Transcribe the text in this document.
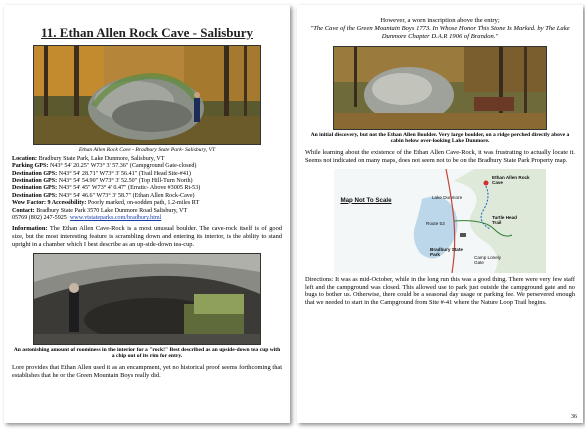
11. Ethan Allen Rock Cave - Salisbury
Ethan Allen Rock Cave - Bradbury State Park- Salisbury, VT
Location: Bradbury State Park, Lake Dunmore, Salisbury, VT
Parking GPS: N43° 54' 20.25" W73° 3' 57.36" (Campground Gate-closed)
Destination GPS: N43° 54' 28.71" W73° 3' 56.41" (Trail Head Site-#41)
Destination GPS: N43° 54' 54.90" W73° 3' 52.50" (Top Hill-Turn North)
Destination GPS: N43° 54' 45" W73° 4' 0.47" (Erratic- Above #3005 Rt-53)
Destination GPS: N43° 54' 46.6" W73° 3' 58.7" (Ethan Allen Rock-Cave)
Wow Factor: 9 Accessibility: Poorly marked, on-sodden path, 1.2-miles RT
Contact: Bradbury State Park 3570 Lake Dunmore Road Salisbury, VT
05769 (802) 247-5925 www.vtstateparks.com/bradbury.html
Information: The Ethan Allen Cave-Rock is a most unusual boulder. The cave-rock itself is of good size, but the most interesting feature is scrambling down and entering its interior, is the ability to stand upright in a chamber which I best describe as an up-side-down tea-cup.
An astonishing amount of roominess in the interior for a "rock!" Best described as an upside-down tea cup with a chip out of its rim for entry.
Lore provides that Ethan Allen used it as an encampment, yet no historical proof seems forthcoming that establishes that he or the Green Mountain Boys really did.
However, a worn inscription above the entry;
"The Cave of the Green Mountain Boys 1773. In Whose Honor This Stone Is Marked. by The Lake Dunmore Chapter D.A.R 1906 of Brandon."
An initial discovery, but not the Ethan Allen Boulder. Very large boulder, on a ridge perched directly above a cabin below over-looking Lake Dunmore.
While learning about the existence of the Ethan Allen Cave-Rock, it was frustrating to actually locate it. Seems not indicated on many maps, does not seem not to be on the Bradbury State Park Property map.
Map Not To Scale
Ethan Allen Rock Cave
Lake Dunmore
Turtle Head Trail
Bradbury State Park
Route 53
Camp Lonely Gate
Directions: It was as mid-October, while in the long run this was a good thing. There were very few staff left and the campground was closed. This allowed use to park just outside the campground gate and no bugs to bother us. Otherwise, there could be a seasonal day usage or parking fee. We persevered enough that we needed to start in the Campground from Site #-41 where the Nature Loop Trail begins.
36
